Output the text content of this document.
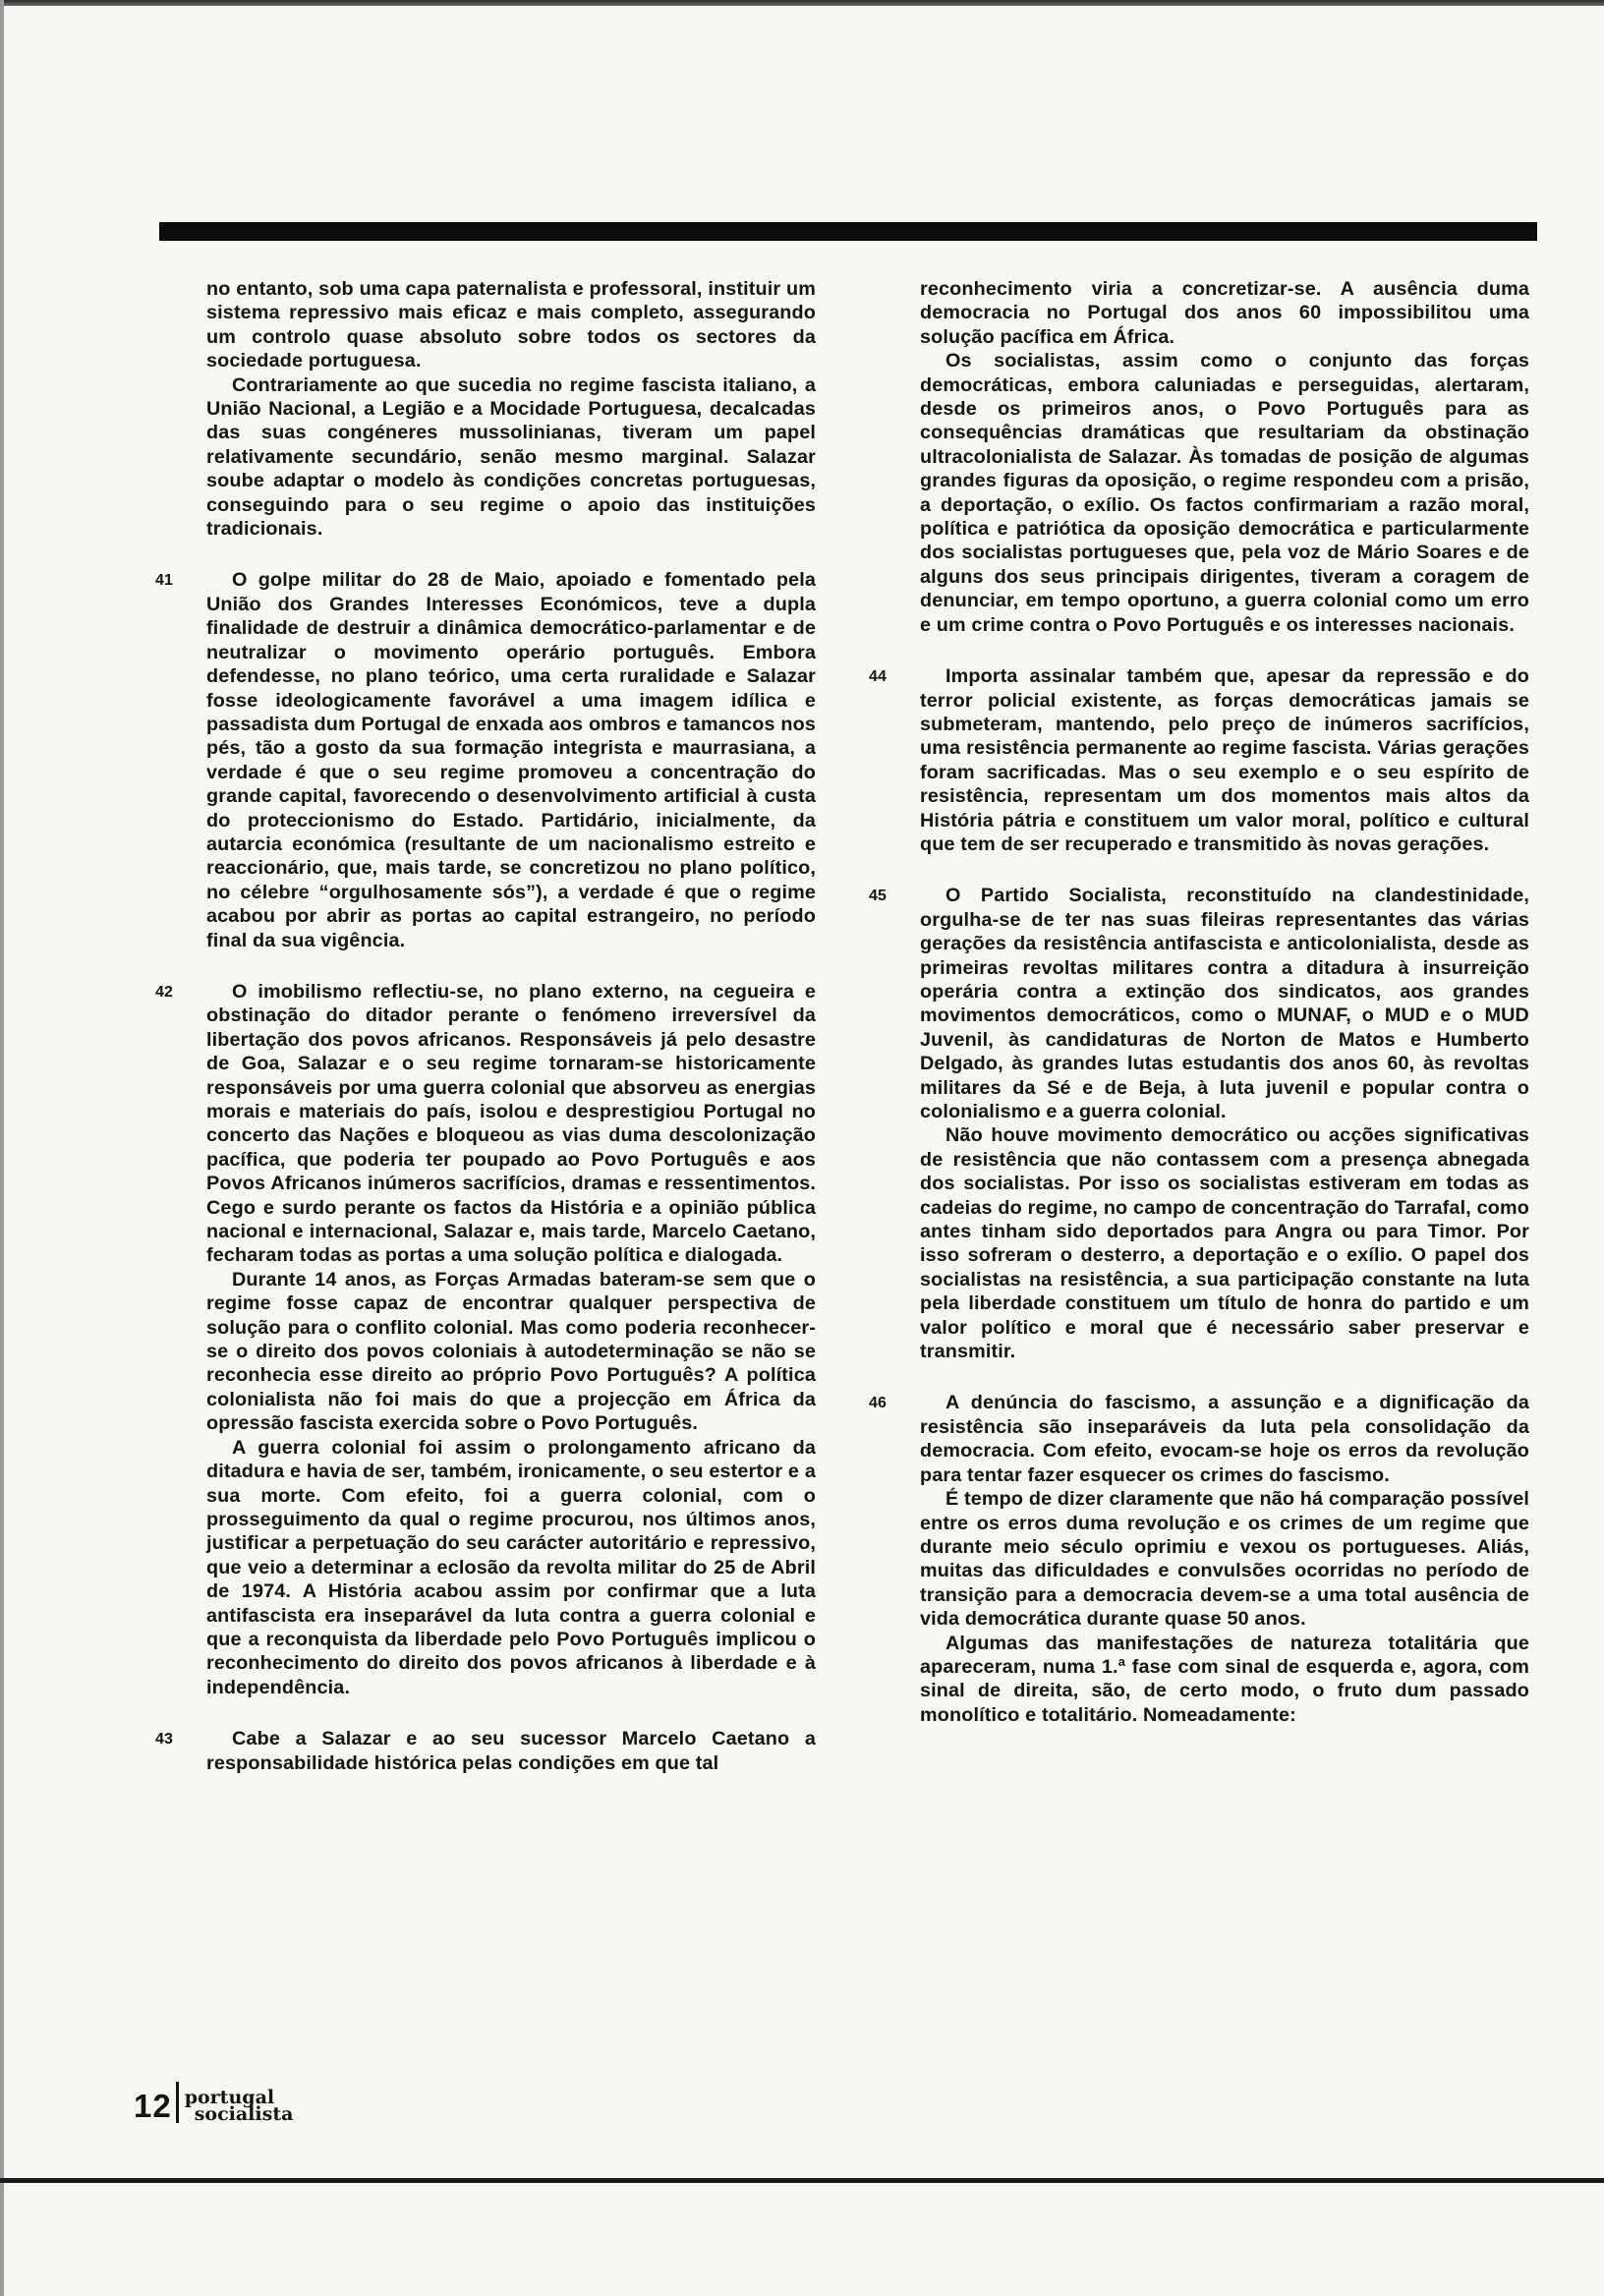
no entanto, sob uma capa paternalista e professoral, instituir um sistema repressivo mais eficaz e mais completo, assegurando um controlo quase absoluto sobre todos os sectores da sociedade portuguesa.

Contrariamente ao que sucedia no regime fascista italiano, a União Nacional, a Legião e a Mocidade Portuguesa, decalcadas das suas congéneres mussolinianas, tiveram um papel relativamente secundário, senão mesmo marginal. Salazar soube adaptar o modelo às condições concretas portuguesas, conseguindo para o seu regime o apoio das instituições tradicionais.

41	O golpe militar do 28 de Maio, apoiado e fomentado pela União dos Grandes Interesses Económicos, teve a dupla finalidade de destruir a dinâmica democrático-parlamentar e de neutralizar o movimento operário português. Embora defendesse, no plano teórico, uma certa ruralidade e Salazar fosse ideologicamente favorável a uma imagem idílica e passadista dum Portugal de enxada aos ombros e tamancos nos pés, tão a gosto da sua formação integrista e maurrasiana, a verdade é que o seu regime promoveu a concentração do grande capital, favorecendo o desenvolvimento artificial à custa do proteccionismo do Estado. Partidário, inicialmente, da autarcia económica (resultante de um nacionalismo estreito e reaccionário, que, mais tarde, se concretizou no plano político, no célebre “orgulhosamente sós”), a verdade é que o regime acabou por abrir as portas ao capital estrangeiro, no período final da sua vigência.

42	O imobilismo reflectiu-se, no plano externo, na cegueira e obstinação do ditador perante o fenómeno irreversível da libertação dos povos africanos. Responsáveis já pelo desastre de Goa, Salazar e o seu regime tornaram-se historicamente responsáveis por uma guerra colonial que absorveu as energias morais e materiais do país, isolou e desprestigiou Portugal no concerto das Nações e bloqueou as vias duma descolonização pacífica, que poderia ter poupado ao Povo Português e aos Povos Africanos inúmeros sacrifícios, dramas e ressentimentos. Cego e surdo perante os factos da História e a opinião pública nacional e internacional, Salazar e, mais tarde, Marcelo Caetano, fecharam todas as portas a uma solução política e dialogada.

Durante 14 anos, as Forças Armadas bateram-se sem que o regime fosse capaz de encontrar qualquer perspectiva de solução para o conflito colonial. Mas como poderia reconhecer-se o direito dos povos coloniais à autodeterminação se não se reconhecia esse direito ao próprio Povo Português? A política colonialista não foi mais do que a projecção em África da opressão fascista exercida sobre o Povo Português.

A guerra colonial foi assim o prolongamento africano da ditadura e havia de ser, também, ironicamente, o seu estertor e a sua morte. Com efeito, foi a guerra colonial, com o prosseguimento da qual o regime procurou, nos últimos anos, justificar a perpetuação do seu carácter autoritário e repressivo, que veio a determinar a eclosão da revolta militar do 25 de Abril de 1974. A História acabou assim por confirmar que a luta antifascista era inseparável da luta contra a guerra colonial e que a reconquista da liberdade pelo Povo Português implicou o reconhecimento do direito dos povos africanos à liberdade e à independência.

43	Cabe a Salazar e ao seu sucessor Marcelo Caetano a responsabilidade histórica pelas condições em que tal

reconhecimento viria a concretizar-se. A ausência duma democracia no Portugal dos anos 60 impossibilitou uma solução pacífica em África.

Os socialistas, assim como o conjunto das forças democráticas, embora caluniadas e perseguidas, alertaram, desde os primeiros anos, o Povo Português para as consequências dramáticas que resultariam da obstinação ultracolonialista de Salazar. Às tomadas de posição de algumas grandes figuras da oposição, o regime respondeu com a prisão, a deportação, o exílio. Os factos confirmariam a razão moral, política e patriótica da oposição democrática e particularmente dos socialistas portugueses que, pela voz de Mário Soares e de alguns dos seus principais dirigentes, tiveram a coragem de denunciar, em tempo oportuno, a guerra colonial como um erro e um crime contra o Povo Português e os interesses nacionais.

44	Importa assinalar também que, apesar da repressão e do terror policial existente, as forças democráticas jamais se submeteram, mantendo, pelo preço de inúmeros sacrifícios, uma resistência permanente ao regime fascista. Várias gerações foram sacrificadas. Mas o seu exemplo e o seu espírito de resistência, representam um dos momentos mais altos da História pátria e constituem um valor moral, político e cultural que tem de ser recuperado e transmitido às novas gerações.

45	O Partido Socialista, reconstituído na clandestinidade, orgulha-se de ter nas suas fileiras representantes das várias gerações da resistência antifascista e anticolonialista, desde as primeiras revoltas militares contra a ditadura à insurreição operária contra a extinção dos sindicatos, aos grandes movimentos democráticos, como o MUNAF, o MUD e o MUD Juvenil, às candidaturas de Norton de Matos e Humberto Delgado, às grandes lutas estudantis dos anos 60, às revoltas militares da Sé e de Beja, à luta juvenil e popular contra o colonialismo e a guerra colonial.

Não houve movimento democrático ou acções significativas de resistência que não contassem com a presença abnegada dos socialistas. Por isso os socialistas estiveram em todas as cadeias do regime, no campo de concentração do Tarrafal, como antes tinham sido deportados para Angra ou para Timor. Por isso sofreram o desterro, a deportação e o exílio. O papel dos socialistas na resistência, a sua participação constante na luta pela liberdade constituem um título de honra do partido e um valor político e moral que é necessário saber preservar e transmitir.

46	A denúncia do fascismo, a assunção e a dignificação da resistência são inseparáveis da luta pela consolidação da democracia. Com efeito, evocam-se hoje os erros da revolução para tentar fazer esquecer os crimes do fascismo.

É tempo de dizer claramente que não há comparação possível entre os erros duma revolução e os crimes de um regime que durante meio século oprimiu e vexou os portugueses. Aliás, muitas das dificuldades e convulsões ocorridas no período de transição para a democracia devem-se a uma total ausência de vida democrática durante quase 50 anos.

Algumas das manifestações de natureza totalitária que apareceram, numa 1.ª fase com sinal de esquerda e, agora, com sinal de direita, são, de certo modo, o fruto dum passado monolítico e totalitário. Nomeadamente:

12 portugal
socialista
